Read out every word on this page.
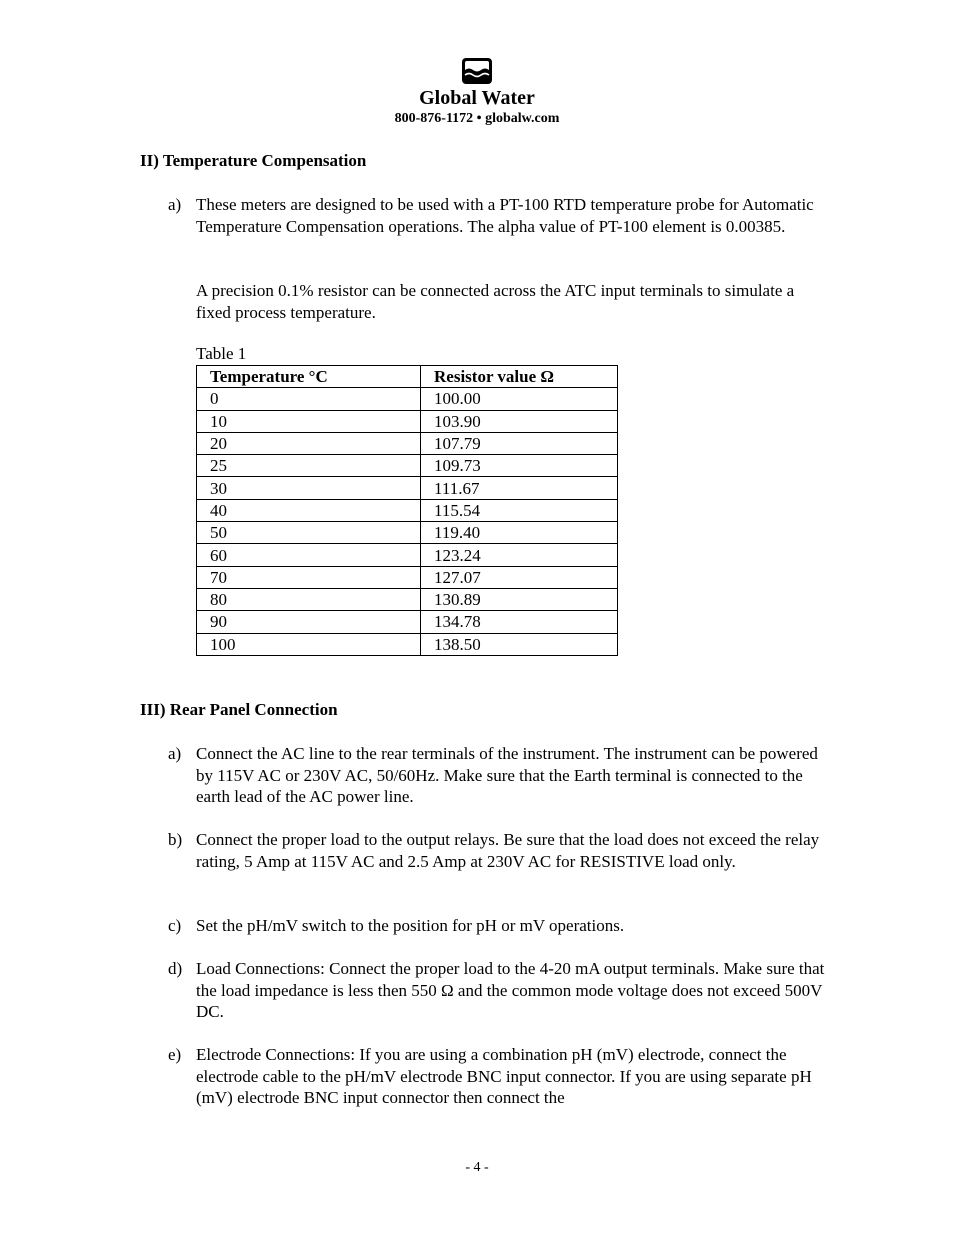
Global Water
800-876-1172 • globalw.com
II) Temperature Compensation
a) These meters are designed to be used with a PT-100 RTD temperature probe for Automatic Temperature Compensation operations. The alpha value of PT-100 element is 0.00385.
A precision 0.1% resistor can be connected across the ATC input terminals to simulate a fixed process temperature.
Table 1
Temperature °C	Resistor value Ω
0	100.00
10	103.90
20	107.79
25	109.73
30	111.67
40	115.54
50	119.40
60	123.24
70	127.07
80	130.89
90	134.78
100	138.50
III) Rear Panel Connection
a) Connect the AC line to the rear terminals of the instrument. The instrument can be powered by 115V AC or 230V AC, 50/60Hz. Make sure that the Earth terminal is connected to the earth lead of the AC power line.
b) Connect the proper load to the output relays. Be sure that the load does not exceed the relay rating, 5 Amp at 115V AC and 2.5 Amp at 230V AC for RESISTIVE load only.
c) Set the pH/mV switch to the position for pH or mV operations.
d) Load Connections: Connect the proper load to the 4-20 mA output terminals. Make sure that the load impedance is less then 550 Ω and the common mode voltage does not exceed 500V DC.
e) Electrode Connections: If you are using a combination pH (mV) electrode, connect the electrode cable to the pH/mV electrode BNC input connector. If you are using separate pH (mV) electrode BNC input connector then connect the
- 4 -
